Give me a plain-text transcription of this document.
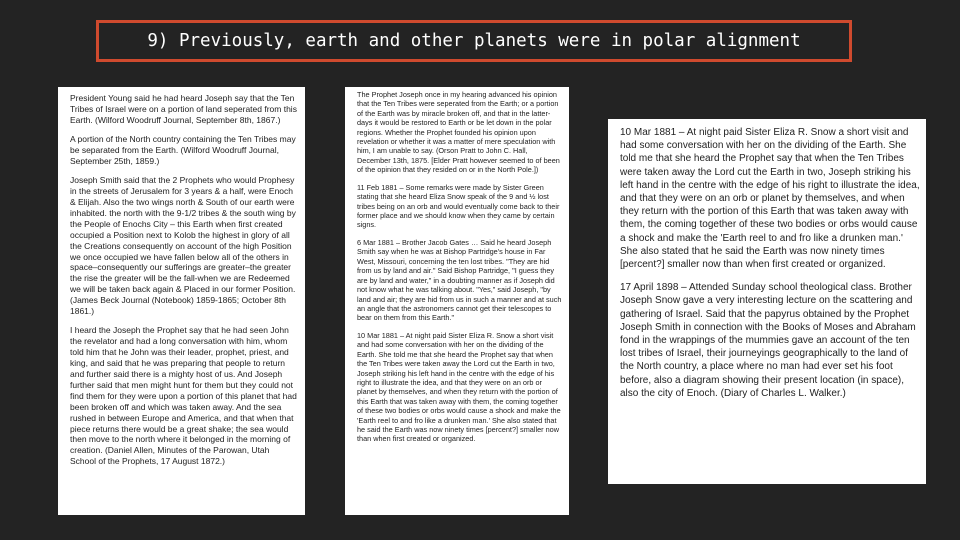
9) Previously, earth and other planets were in polar alignment

President Young said he had heard Joseph say that the Ten Tribes of Israel were on a portion of land seperated from this Earth. (Wilford Woodruff Journal, September 8th, 1867.)

A portion of the North country containing the Ten Tribes may be separated from the Earth. (Wilford Woodruff Journal, September 25th, 1859.)

Joseph Smith said that the 2 Prophets who would Prophesy in the streets of Jerusalem for 3 years & a half, were Enoch & Elijah. Also the two wings north & South of our earth were inhabited. the north with the 9-1/2 tribes & the south wing by the People of Enochs City – this Earth when first created occupied a Position next to Kolob the highest in glory of all the Creations consequently on account of the high Position we once occupied we have fallen below all of the others in space–consequently our sufferings are greater–the greater the rise the greater will be the fall-when we are Redeemed we will be taken back again & Placed in our former Position. (James Beck Journal (Notebook) 1859-1865; October 8th 1861.)

I heard the Joseph the Prophet say that he had seen John the revelator and had a long conversation with him, whom told him that he John was their leader, prophet, priest, and king, and said that he was preparing that people to return and further said there is a mighty host of us. And Joseph further said that men might hunt for them but they could not find them for they were upon a portion of this planet that had been broken off and which was taken away. And the sea rushed in between Europe and America, and that when that piece returns there would be a great shake; the sea would then move to the north where it belonged in the morning of creation. (Daniel Allen, Minutes of the Parowan, Utah School of the Prophets, 17 August 1872.)

The Prophet Joseph once in my hearing advanced his opinion that the Ten Tribes were seperated from the Earth; or a portion of the Earth was by miracle broken off, and that in the latter-days it would be restored to Earth or be let down in the polar regions. Whether the Prophet founded his opinion upon revelation or whether it was a matter of mere speculation with him, I am unable to say. (Orson Pratt to John C. Hall, December 13th, 1875. [Elder Pratt however seemed to of been of the opinion that they resided on or in the North Pole.])

11 Feb 1881 – Some remarks were made by Sister Green stating that she heard Eliza Snow speak of the 9 and ½ lost tribes being on an orb and would eventually come back to their former place and we should know when they came by certain signs.

6 Mar 1881 – Brother Jacob Gates … Said he heard Joseph Smith say when he was at Bishop Partridge's house in Far West, Missouri, concerning the ten lost tribes. "They are hid from us by land and air." Said Bishop Partridge, "I guess they are by land and water," in a doubting manner as if Joseph did not know what he was talking about. "Yes," said Joseph, "by land and air; they are hid from us in such a manner and at such an angle that the astronomers cannot get their telescopes to bear on them from this Earth."

10 Mar 1881 – At night paid Sister Eliza R. Snow a short visit and had some conversation with her on the dividing of the Earth. She told me that she heard the Prophet say that when the Ten Tribes were taken away the Lord cut the Earth in two, Joseph striking his left hand in the centre with the edge of his right to illustrate the idea, and that they were on an orb or planet by themselves, and when they return with the portion of this Earth that was taken away with them, the coming together of these two bodies or orbs would cause a shock and make the 'Earth reel to and fro like a drunken man.' She also stated that he said the Earth was now ninety times [percent?] smaller now than when first created or organized.

10 Mar 1881 – At night paid Sister Eliza R. Snow a short visit and had some conversation with her on the dividing of the Earth. She told me that she heard the Prophet say that when the Ten Tribes were taken away the Lord cut the Earth in two, Joseph striking his left hand in the centre with the edge of his right to illustrate the idea, and that they were on an orb or planet by themselves, and when they return with the portion of this Earth that was taken away with them, the coming together of these two bodies or orbs would cause a shock and make the 'Earth reel to and fro like a drunken man.' She also stated that he said the Earth was now ninety times [percent?] smaller now than when first created or organized.

17 April 1898 – Attended Sunday school theological class. Brother Joseph Snow gave a very interesting lecture on the scattering and gathering of Israel. Said that the papyrus obtained by the Prophet Joseph Smith in connection with the Books of Moses and Abraham fond in the wrappings of the mummies gave an account of the ten lost tribes of Israel, their journeyings geographically to the land of the North country, a place where no man had ever set his foot before, also a diagram showing their present location (in space), also the city of Enoch. (Diary of Charles L. Walker.)
